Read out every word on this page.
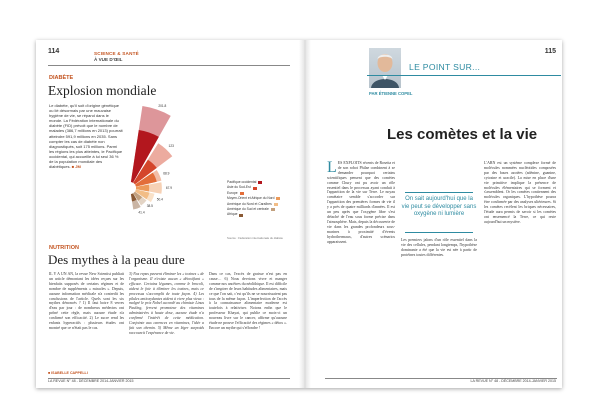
114	SCIENCE & SANTÉ
À VUE D'ŒIL
DIABÈTE
Explosion mondiale
Le diabète, qu'il soit d'origine génétique ou lié désormais par une mauvaise hygiène de vie, se répand dans le monde. La Fédération internationale du diabète (FID) prévoit que le nombre de malades (386,7 millions en 2013) pourrait atteindre 591,9 millions en 2035. Sans compter les cas de diabète non diagnostiqués, soit 175 millions. Parmi les régions les plus atteintes, le Pacifique occidental, qui accueille à lui seul 36 % de la population mondiale des diabétiques. ■ JM
201.8
123
68.9
67.9
50.4
38.5
41.4
Pacifique occidental
Asie du Sud-Est
Europe
Moyen-Orient et Afrique du Nord
Amérique du Nord et Caraïbes
Amérique du Sud et centrale
Afrique
Source : Fédération internationale du diabète
NUTRITION
Des mythes à la peau dure
IL Y A UN AN, la revue New Scientist publiait un article démontant les idées reçues sur les bienfaits supposés de certains régimes et de nombre de suppléments « miracles ». Depuis, aucune information médicale n'a contredit les conclusions de l'article. Quels sont les six mythes dénoncés ? 1) Il faut boire 8 verres d'eau par jour : de nombreux médecins ont prôné cette règle, mais aucune étude n'a confirmé son efficacité. 2) Le sucre rend les enfants hyperactifs : plusieurs études ont montré que ce n'était pas le cas.
3) Nos repas peuvent éliminer les « toxines » de l'organisme. Il n'existe aucun « détoxifiant » efficace. Certains légumes, comme le brocoli, aident le foie à éliminer les toxines, mais ce processus s'accomplit de toute façon. 4) Les pilules antioxydantes aident à vivre plus vieux : malgré le prix Nobel accordé au chimiste Linus Pauling, fervent promoteur des vitamines administrées à haute dose, aucune étude n'a confirmé l'intérêt de cette médication. Conjointe aux carences en vitamines, l'idée a fait son chemin. 5) Même un léger surpoids raccourcit l'espérance de vie.
Dans ce cas, l'excès de graisse n'est pas en cause… 6) Nous devrions vivre et manger comme nos ancêtres du néolithique. Il est difficile de s'inspirer de leurs habitudes alimentaires, mais ce que l'on sait, c'est qu'ils ne se nourrissaient pas tous de la même façon. L'imperfection de l'accès à la connaissance alimentaire moderne est toutefois à relativiser. Notons enfin que le professeur Khayat, qui publie ce mois-ci un nouveau livre sur le cancer, affirme qu'aucune étude ne prouve l'efficacité des régimes « détox ». Encore un mythe qui s'effondre !
■ ISABELLE CAPPELLI
LA REVUE N° 48 - DÉCEMBRE 2014-JANVIER 2015
115
LE POINT SUR...
PAR ÉTIENNE COPEL
Les comètes et la vie
LES EXPLOITS récents de Rosetta et de son robot Philae combinent à se demander pourquoi certains scientifiques pensent que des comètes comme Chury ont pu avoir un rôle essentiel dans le processus ayant conduit à l'apparition de la vie sur Terre. Le noyau cométaire semble s'accorder sur l'apparition des premières formes de vie il y a près de quatre milliards d'années. Il est un peu après que l'oxygène libre s'est détaché de l'eau sous forme précise dans l'atmosphère. Mais, depuis la découverte de vie dans les grandes profondeurs sous-marines à proximité d'évents hydrothermaux, d'autres scénarios apparaissent.
On sait aujourd'hui que la vie peut se développer sans oxygène ni lumière
Les premiers jalons d'un rôle essentiel dans la vie des cellules, pendant longtemps, l'hypothèse dominante a été que la vie est née à partir de protéines toutes différentes.
L'ARN est un système complexe formé de molécules nommées nucléotides composées par des bases azotées (adénine, guanine, cytosine et uracile). La mise en place d'une vie primitive implique la présence de molécules élémentaires qui se forment et s'assemblent. Or les comètes contiennent des molécules organiques. L'hypothèse pourra être confirmée par des analyses ultérieures. Si les comètes recèlent les briques nécessaires, l'étude aura permis de savoir si les comètes ont ensemencé la Terre, ce qui reste aujourd'hui un mystère.
LA REVUE N° 48 - DÉCEMBRE 2014-JANVIER 2015
